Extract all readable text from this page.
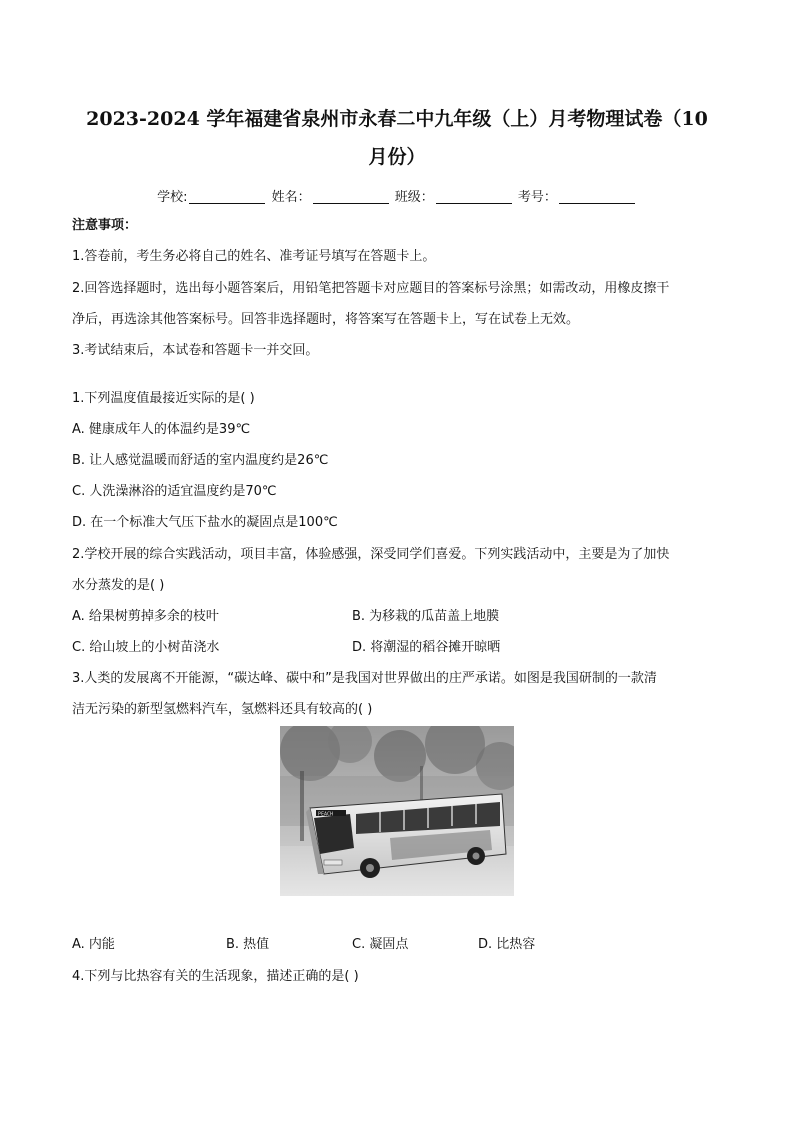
2023-2024 学年福建省泉州市永春二中九年级（上）月考物理试卷（10
月份）
学校:	姓名：	班级：	考号：
注意事项：
1.答卷前，考生务必将自己的姓名、准考证号填写在答题卡上。
2.回答选择题时，选出每小题答案后，用铅笔把答题卡对应题目的答案标号涂黑；如需改动，用橡皮擦干
净后，再选涂其他答案标号。回答非选择题时，将答案写在答题卡上，写在试卷上无效。
3.考试结束后，本试卷和答题卡一并交回。
1.下列温度值最接近实际的是( )
A. 健康成年人的体温约是39℃
B. 让人感觉温暖而舒适的室内温度约是26℃
C. 人洗澡淋浴的适宜温度约是70℃
D. 在一个标准大气压下盐水的凝固点是100℃
2.学校开展的综合实践活动，项目丰富，体验感强，深受同学们喜爱。下列实践活动中，主要是为了加快
水分蒸发的是( )
A. 给果树剪掉多余的枝叶	B. 为移栽的瓜苗盖上地膜
C. 给山坡上的小树苗浇水	D. 将潮湿的稻谷摊开晾晒
3.人类的发展离不开能源，“碳达峰、碳中和”是我国对世界做出的庄严承诺。如图是我国研制的一款清
洁无污染的新型氢燃料汽车，氢燃料还具有较高的( )
PEACH
A. 内能	B. 热值	C. 凝固点	D. 比热容
4.下列与比热容有关的生活现象，描述正确的是( )
